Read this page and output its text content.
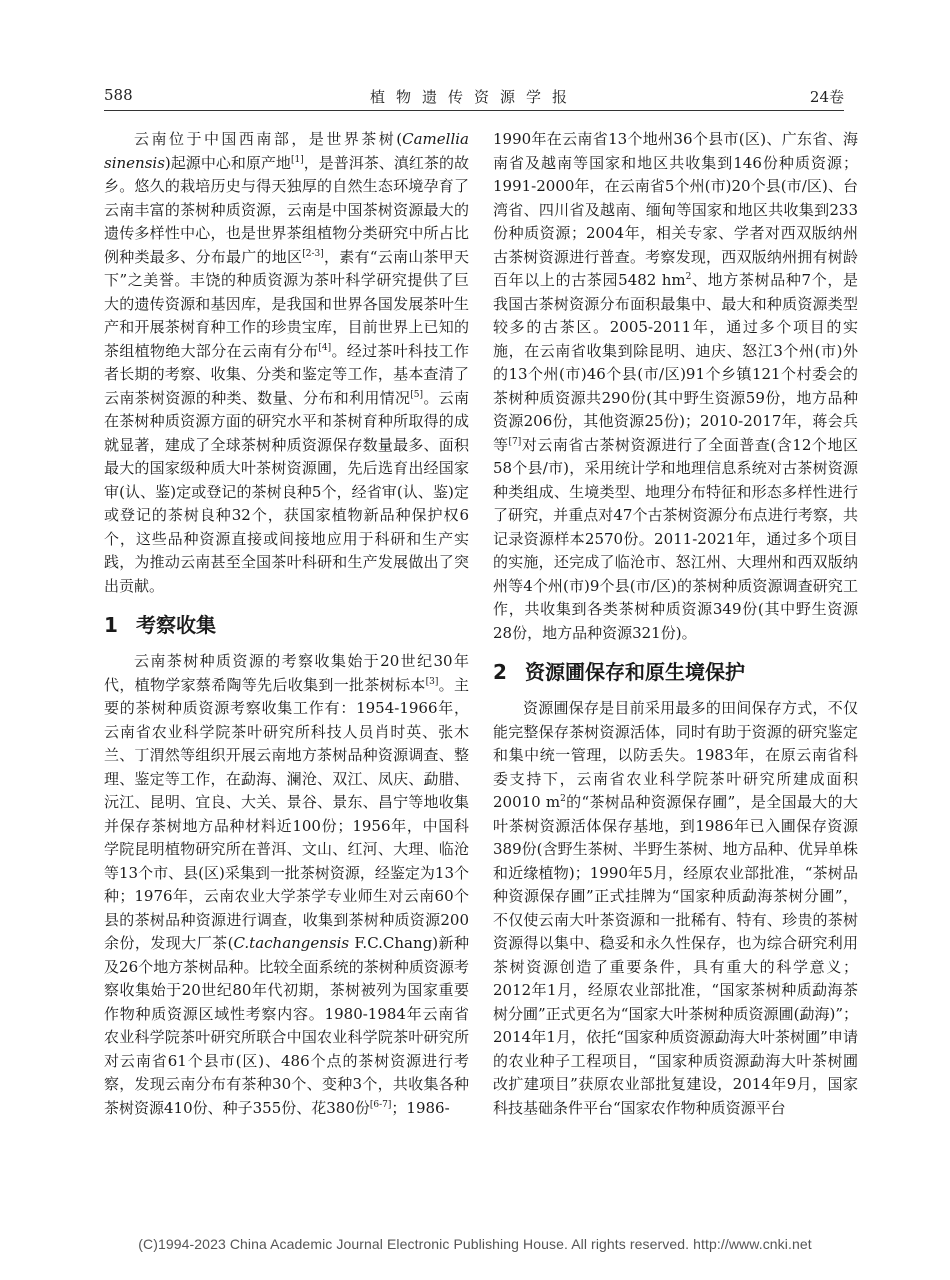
588	植物遗传资源学报	24卷

云南位于中国西南部，是世界茶树(Camellia sinensis)起源中心和原产地[1]，是普洱茶、滇红茶的故乡。悠久的栽培历史与得天独厚的自然生态环境孕育了云南丰富的茶树种质资源，云南是中国茶树资源最大的遗传多样性中心，也是世界茶组植物分类研究中所占比例种类最多、分布最广的地区[2-3]，素有“云南山茶甲天下”之美誉。丰饶的种质资源为茶叶科学研究提供了巨大的遗传资源和基因库，是我国和世界各国发展茶叶生产和开展茶树育种工作的珍贵宝库，目前世界上已知的茶组植物绝大部分在云南有分布[4]。经过茶叶科技工作者长期的考察、收集、分类和鉴定等工作，基本查清了云南茶树资源的种类、数量、分布和利用情况[5]。云南在茶树种质资源方面的研究水平和茶树育种所取得的成就显著，建成了全球茶树种质资源保存数量最多、面积最大的国家级种质大叶茶树资源圃，先后选育出经国家审(认、鉴)定或登记的茶树良种5个，经省审(认、鉴)定或登记的茶树良种32个，获国家植物新品种保护权6个，这些品种资源直接或间接地应用于科研和生产实践，为推动云南甚至全国茶叶科研和生产发展做出了突出贡献。

1 考察收集

云南茶树种质资源的考察收集始于20世纪30年代，植物学家蔡希陶等先后收集到一批茶树标本[3]。主要的茶树种质资源考察收集工作有：1954-1966年，云南省农业科学院茶叶研究所科技人员肖时英、张木兰、丁渭然等组织开展云南地方茶树品种资源调查、整理、鉴定等工作，在勐海、澜沧、双江、凤庆、勐腊、沅江、昆明、宜良、大关、景谷、景东、昌宁等地收集并保存茶树地方品种材料近100份；1956年，中国科学院昆明植物研究所在普洱、文山、红河、大理、临沧等13个市、县(区)采集到一批茶树资源，经鉴定为13个种；1976年，云南农业大学茶学专业师生对云南60个县的茶树品种资源进行调查，收集到茶树种质资源200余份，发现大厂茶(C.tachangensis F.C.Chang)新种及26个地方茶树品种。比较全面系统的茶树种质资源考察收集始于20世纪80年代初期，茶树被列为国家重要作物种质资源区域性考察内容。1980-1984年云南省农业科学院茶叶研究所联合中国农业科学院茶叶研究所对云南省61个县市(区)、486个点的茶树资源进行考察，发现云南分布有茶种30个、变种3个，共收集各种茶树资源410份、种子355份、花380份[6-7]；1986-

1990年在云南省13个地州36个县市(区)、广东省、海南省及越南等国家和地区共收集到146份种质资源；1991-2000年，在云南省5个州(市)20个县(市/区)、台湾省、四川省及越南、缅甸等国家和地区共收集到233份种质资源；2004年，相关专家、学者对西双版纳州古茶树资源进行普查。考察发现，西双版纳州拥有树龄百年以上的古茶园5482 $hm^2$、地方茶树品种7个，是我国古茶树资源分布面积最集中、最大和种质资源类型较多的古茶区。2005-2011年，通过多个项目的实施，在云南省收集到除昆明、迪庆、怒江3个州(市)外的13个州(市)46个县(市/区)91个乡镇121个村委会的茶树种质资源共290份(其中野生资源59份，地方品种资源206份，其他资源25份)；2010-2017年，蒋会兵等[7]对云南省古茶树资源进行了全面普查(含12个地区58个县/市)，采用统计学和地理信息系统对古茶树资源种类组成、生境类型、地理分布特征和形态多样性进行了研究，并重点对47个古茶树资源分布点进行考察，共记录资源样本2570份。2011-2021年，通过多个项目的实施，还完成了临沧市、怒江州、大理州和西双版纳州等4个州(市)9个县(市/区)的茶树种质资源调查研究工作，共收集到各类茶树种质资源349份(其中野生资源28份，地方品种资源321份)。

2 资源圃保存和原生境保护

资源圃保存是目前采用最多的田间保存方式，不仅能完整保存茶树资源活体，同时有助于资源的研究鉴定和集中统一管理，以防丢失。1983年，在原云南省科委支持下，云南省农业科学院茶叶研究所建成面积20010 $m^2$的“茶树品种资源保存圃”，是全国最大的大叶茶树资源活体保存基地，到1986年已入圃保存资源389份(含野生茶树、半野生茶树、地方品种、优异单株和近缘植物)；1990年5月，经原农业部批准，“茶树品种资源保存圃”正式挂牌为“国家种质勐海茶树分圃”，不仅使云南大叶茶资源和一批稀有、特有、珍贵的茶树资源得以集中、稳妥和永久性保存，也为综合研究利用茶树资源创造了重要条件，具有重大的科学意义；2012年1月，经原农业部批准，“国家茶树种质勐海茶树分圃”正式更名为“国家大叶茶树种质资源圃(勐海)”；2014年1月，依托“国家种质资源勐海大叶茶树圃”申请的农业种子工程项目，“国家种质资源勐海大叶茶树圃改扩建项目”获原农业部批复建设，2014年9月，国家科技基础条件平台“国家农作物种质资源平台

(C)1994-2023 China Academic Journal Electronic Publishing House. All rights reserved. http://www.cnki.net
